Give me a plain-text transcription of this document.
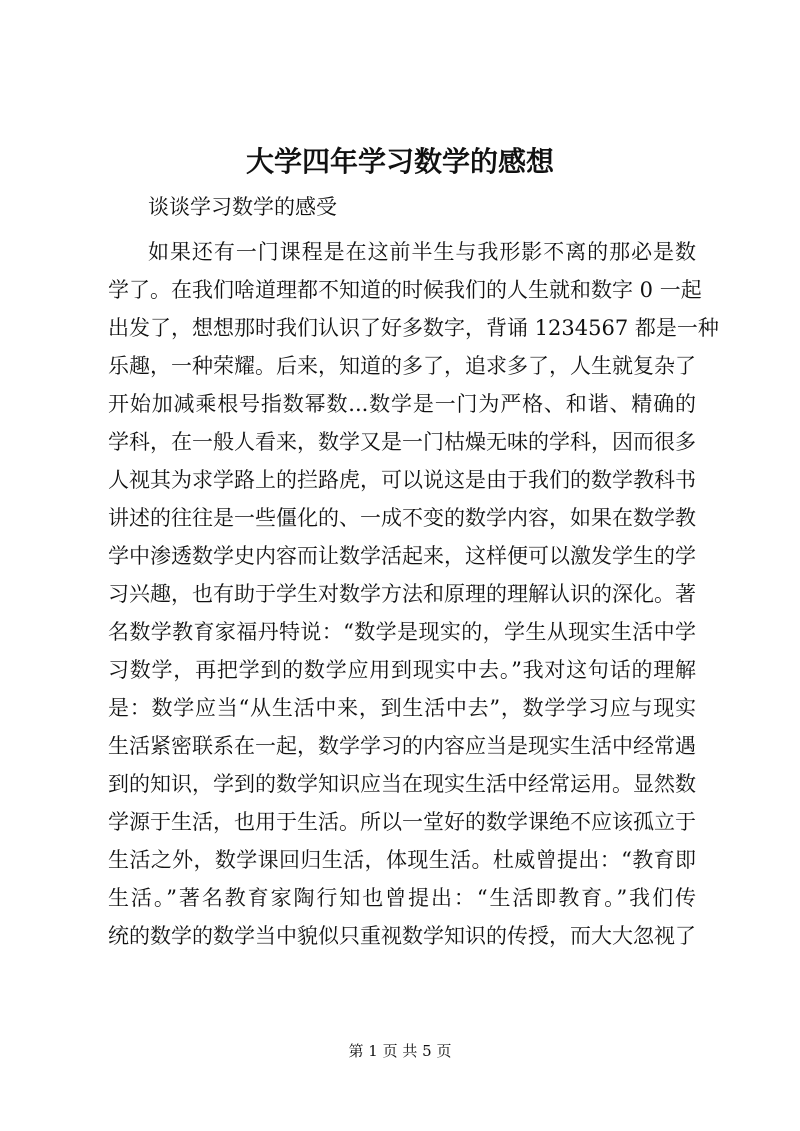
大学四年学习数学的感想

谈谈学习数学的感受

如果还有一门课程是在这前半生与我形影不离的那必是数
学了。在我们啥道理都不知道的时候我们的人生就和数字 0 一起
出发了，想想那时我们认识了好多数字，背诵 1234567 都是一种
乐趣，一种荣耀。后来，知道的多了，追求多了，人生就复杂了
开始加减乘根号指数幂数...数学是一门为严格、和谐、精确的
学科，在一般人看来，数学又是一门枯燥无味的学科，因而很多
人视其为求学路上的拦路虎，可以说这是由于我们的数学教科书
讲述的往往是一些僵化的、一成不变的数学内容，如果在数学教
学中渗透数学史内容而让数学活起来，这样便可以激发学生的学
习兴趣，也有助于学生对数学方法和原理的理解认识的深化。著
名数学教育家福丹特说：“数学是现实的，学生从现实生活中学
习数学，再把学到的数学应用到现实中去。”我对这句话的理解
是：数学应当“从生活中来，到生活中去”，数学学习应与现实
生活紧密联系在一起，数学学习的内容应当是现实生活中经常遇
到的知识，学到的数学知识应当在现实生活中经常运用。显然数
学源于生活，也用于生活。所以一堂好的数学课绝不应该孤立于
生活之外，数学课回归生活，体现生活。杜威曾提出：“教育即
生活。”著名教育家陶行知也曾提出：“生活即教育。”我们传
统的数学的数学当中貌似只重视数学知识的传授，而大大忽视了
第 1 页 共 5 页
